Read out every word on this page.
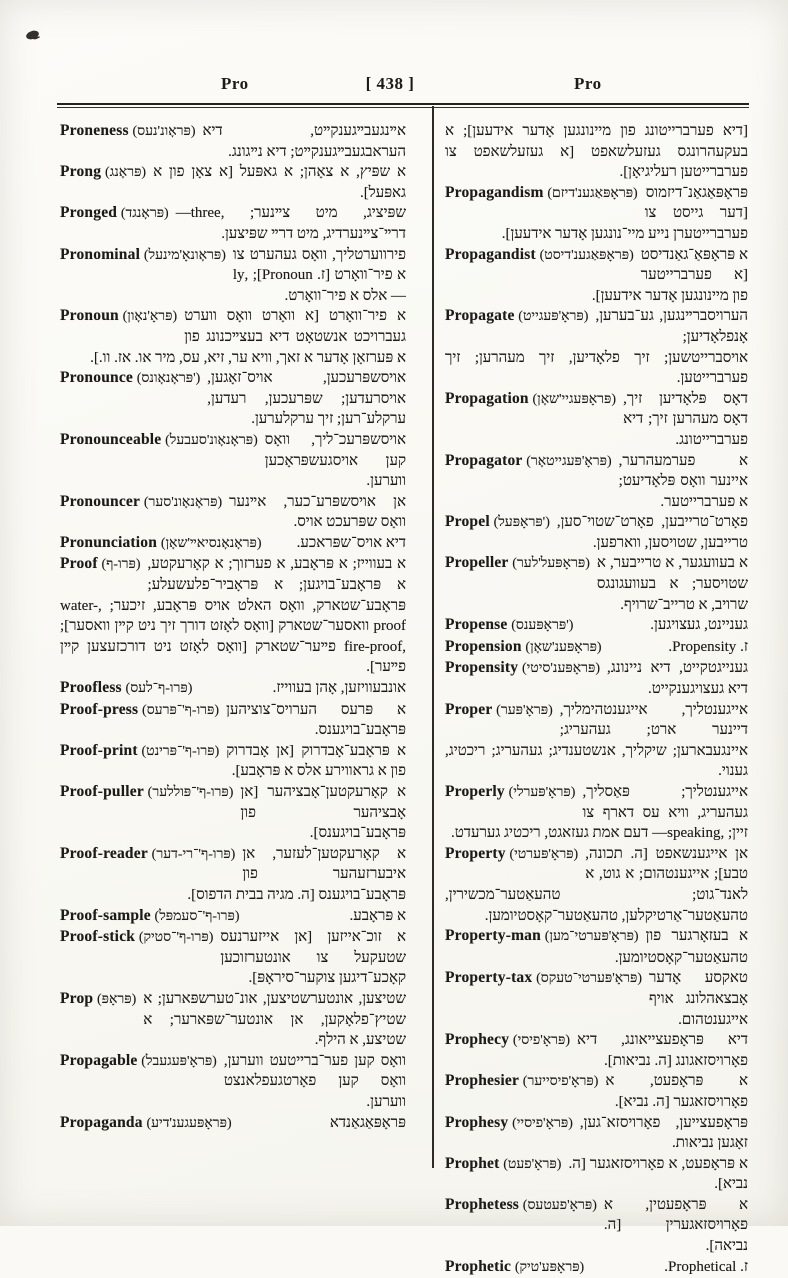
Pro	[ 438 ]	Pro

Proneness (פּראָונ'נעס) אײנגעבײגענקײט, דיא העראבגעבײגענקײט; דיא נײגונג.

Prong (פּראָנג) א שפּיץ, א צאָהן; א גאפּעל [א צאָן פון א גאפּעל].

Pronged (פּראָנגד) שפּיציג, מיט צײנער; ,three— דרײ־צײנערדיג, מיט דרײ שפּיצען.

Pronominal (פּראָונאָ'מינעל) פירווערטליך, וואָס געהערט צו א פיר־וואָרט [ז. Pronoun]; ,ly— אלס א פיר־וואָרט.

Pronoun (פּראָ'נאָון) א פיר־וואָרט [א וואָרט וואָס ווערט געברויכט אנשטאָט דיא בעצײכנונג פון א פּערזאָן אָדער א זאך, וויא ער, זיא, עס, מיר או. אז. וו.].

Pronounce (פּראָנאָונס') אויסשפּרעכען, אויס־זאָגען, אויסרעדען; שפּרעכען, רעדען, ערקלע־רען; זיך ערקלערען.

Pronounceable (פּראָנאָונ'סעבעל) אויסשפּרעכ־ליך, וואָס קען אויסגעשפּראָכען ווערען.

Pronouncer (פּראָנאָונ'סער) אן אויסשפּרע־כער, אײנער וואָס שפּרעכט אויס.

Pronunciation (פּראָנאָנסיאײ'שאָן) דיא אויס־שפּראכע.

Proof (פּרו-ף) א בעווייז; א פּראָבע, א פערזוך; א קאָרעקטע, א פּראָבע־בויגען; א פּראָביר־פלעשעלע; פּראָבע־שטארק, וואָס האלט אויס פּראָבע, זיכער; ,water-proof וואסער־שטארק [וואָס לאָזט דורך זיך ניט קײן וואסער]; ,fire-proof פײער־שטארק [וואָס לאָזט ניט דורכזעצען קײן פײער].

Proofless (פּרו-ף־לעס)	אונבעוויזען, אָהן בעווייז.

Proof-press (פּרו-ף'־פּרעס) א פּרעס הערויס־צוציהען פּראָבע־בויגענס.

Proof-print (פּרו-ף'־פּרינט) א פּראָבע־אָבדרוק [אן אָבדרוק פון א גראווירע אלס א פּראָבע].

Proof-puller (פּרו-ף'־פּוללער) א קאָרעקטען־אָבציהער [אן אָבציהער פון פּראָבע־בויגענס].

Proof-reader (פּרו-ף'־רי-דער) א קאָרעקטען־לעזער, אן איבערזעהער פון פּראָבע־בויגענס [ה. מגיה בבית הדפוס].

Proof-sample (פּרו-ף'־סעמפּל)	א פּראָבע.

Proof-stick (פּרו-ף'־סטיק) א זוכ־אייזען [אן אייזערנעס שטעקעל צו אונטערזוכען קאָכע־דיגען צוקער־סיראָפּ].

Prop (פּראָפּ) שטיצען, אונטערשטיצען, אונ־טערשפּארען; א שטיץ־פלאָקען, אן אונטער־שפּארער; א שטיצע, א הילף.

Propagable (פּראָ'פּעגעבל) וואָס קען פער־ברייטעט ווערען, וואָס קען פאָרטגעפלאנצט ווערען.

Propaganda (פּראָפּעגענ'דיע)	פּראָפּאַגאַנדא

[דיא פערברייטונג פון מיינונגען אָדער אידעען]; א בעקעהרונגס געזעלשאפט [א געזעלשאפט צו פערברייטען רעליגיאָן].

Propagandism (פּראָפּאַגענ'דיזם) פּראָפּאַגאַנ־דיזמוס [דער גייסט צו פערברייטערן נייע מיי־נונגען אָדער אידעען].

Propagandist (פּראָפּאַגענ'דיסט) א פּראָפּאַ־גאַנדיסט [א פערברייטער פון מיינונגען אָדער אידעען].

Propagate (פּראָ'פּעגייט) הערויסברײנגען, גע־בערען, אָנפלאָדיען; אויסברייטשען; זיך פלאָדיען, זיך מעהרען; זיך פערברייטען.

Propagation (פּראָפּעגיי'שאָן) דאָס פּלאָדיען זיך, דאָס מעהרען זיך; דיא פערברייטונג.

Propagator (פּראָ'פּעגייטאָר) א פערמעהרער, איינער וואָס פּלאָדיעט; א פערברייטער.

Propel (פּראָפּעל') פאָרט־טרייבען, פאָרט־שטוי־סען, טרייבען, שטויסען, ווארפען.

Propeller (פּראָפּעל'לער) א בעוועגער, א טרייבער, א שטויסער; א בעוועגונגס שרויב, א טרייב־שרויף.

Propense (פּראָפּענס')	געניינט, געצויגען.

Propension (פּראָפּענ'שאָן)	ז. Propensity.

Propensity (פּראָפּענ'סיטי) גענייגטקייט, דיא ניינונג, דיא געצויגענקייט.

Proper (פּראָ'פּער) אייגענטליך, אייגענטהימליך, דיינער ארט; געהעריג; איינגעבארען; שיקליך, אנשטענדיג; געהעריג; ריכטיג, גענוי.

Properly (פּראָ'פּערלי) אייגענטליך; פּאַסליך, געהעריג, וויא עס דארף צו זיין; ,speaking— דעם אמת געזאגט, ריכטיג גערעדט.

Property (פּראָ'פּערטי) אן אייגענשאפט [ה. תכונה, טבע]; אייגענטהום; א גוט, א לאנד־גוט; טהעאַטער־מכשירין, טהעאַטער־אַרטיקלען, טהעאַטער־קאָסטיומען.

Property-man (פּראָ'פּערטי־מען) א בעזאָרגער פון טהעאַטער־קאָסטיומען.

Property-tax (פּראָ'פּערטי־טעקס) טאקסע אָדער אָבצאהלונג אויף אייגענטהום.

Prophecy (פּראָ'פיסי) דיא פּראָפעצייאונג, דיא פאָרויסזאגונג [ה. נביאות].

Prophesier (פּראָ'פיסייער) א פּראָפעט, א פאָרויסזאגער [ה. נביא].

Prophesy (פּראָ'פיסיי) פּראָפעצייען, פאָרויסזא־גען, זאָגען נביאות.

Prophet (פּראָ'פעט) א פּראָפעט, א פאָרויסזאגער [ה. נביא].

Prophetess (פּראָ'פעטעס) א פּראָפעטין, א פאָרויסזאגערין [ה. נביאה].

Prophetic (פּראָפּע'טיק)	ז. Prophetical.
